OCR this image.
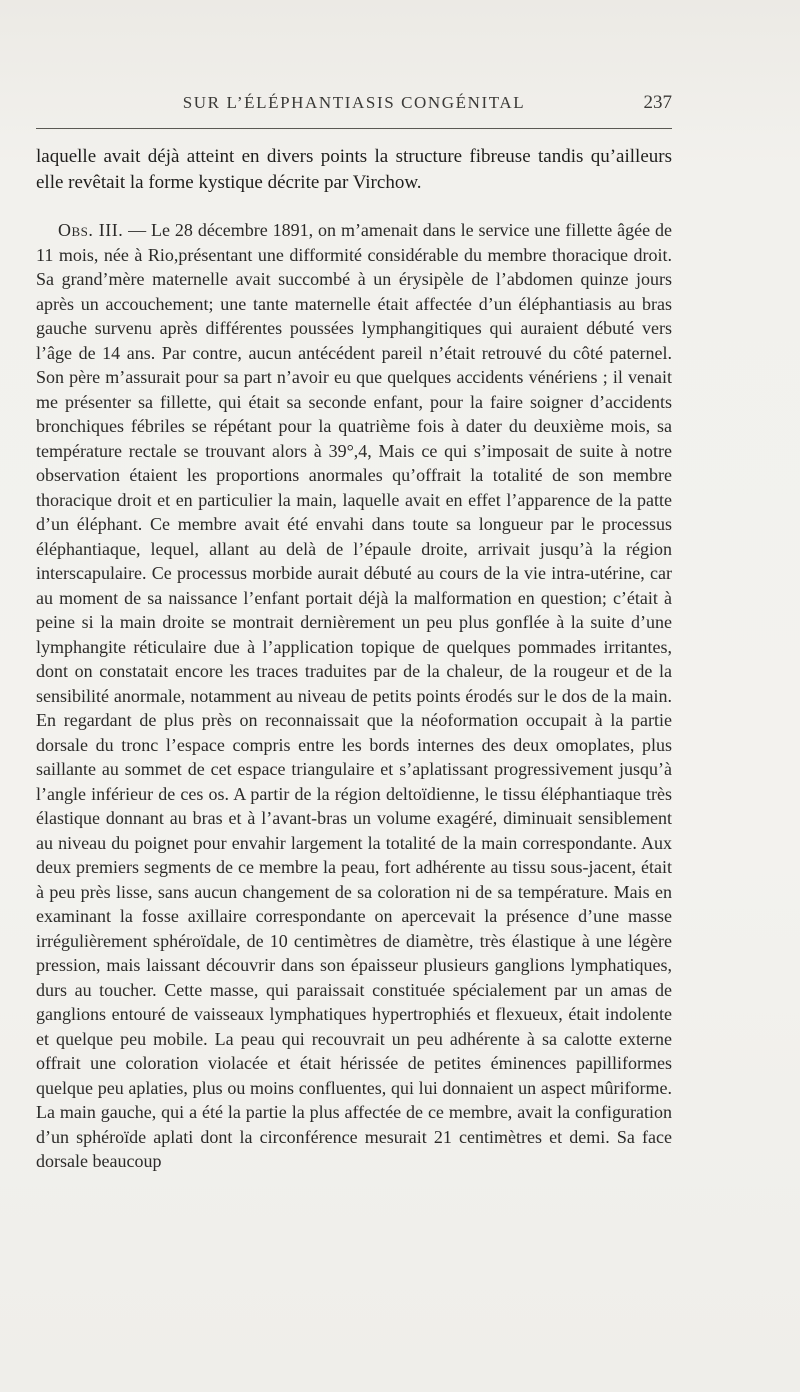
SUR L’ÉLÉPHANTIASIS CONGÉNITAL	237

laquelle avait déjà atteint en divers points la structure fibreuse tandis qu’ailleurs elle revêtait la forme kystique décrite par Virchow.

Obs. III. — Le 28 décembre 1891, on m’amenait dans le service une fillette âgée de 11 mois, née à Rio,présentant une difformité considérable du membre thoracique droit. Sa grand’mère maternelle avait succombé à un érysipèle de l’abdomen quinze jours après un accouchement; une tante maternelle était affectée d’un éléphantiasis au bras gauche survenu après différentes poussées lymphangitiques qui auraient débuté vers l’âge de 14 ans. Par contre, aucun antécédent pareil n’était retrouvé du côté paternel. Son père m’assurait pour sa part n’avoir eu que quelques accidents vénériens ; il venait me présenter sa fillette, qui était sa seconde enfant, pour la faire soigner d’accidents bronchiques fébriles se répétant pour la quatrième fois à dater du deuxième mois, sa température rectale se trouvant alors à 39°,4, Mais ce qui s’imposait de suite à notre observation étaient les proportions anormales qu’offrait la totalité de son membre thoracique droit et en particulier la main, laquelle avait en effet l’apparence de la patte d’un éléphant. Ce membre avait été envahi dans toute sa longueur par le processus éléphantiaque, lequel, allant au delà de l’épaule droite, arrivait jusqu’à la région interscapulaire. Ce processus morbide aurait débuté au cours de la vie intra-utérine, car au moment de sa naissance l’enfant portait déjà la malformation en question; c’était à peine si la main droite se montrait dernièrement un peu plus gonflée à la suite d’une lymphangite réticulaire due à l’application topique de quelques pommades irritantes, dont on constatait encore les traces traduites par de la chaleur, de la rougeur et de la sensibilité anormale, notamment au niveau de petits points érodés sur le dos de la main. En regardant de plus près on reconnaissait que la néoformation occupait à la partie dorsale du tronc l’espace compris entre les bords internes des deux omoplates, plus saillante au sommet de cet espace triangulaire et s’aplatissant progressivement jusqu’à l’angle inférieur de ces os. A partir de la région deltoïdienne, le tissu éléphantiaque très élastique donnant au bras et à l’avant-bras un volume exagéré, diminuait sensiblement au niveau du poignet pour envahir largement la totalité de la main correspondante. Aux deux premiers segments de ce membre la peau, fort adhérente au tissu sous-jacent, était à peu près lisse, sans aucun changement de sa coloration ni de sa température. Mais en examinant la fosse axillaire correspondante on apercevait la présence d’une masse irrégulièrement sphéroïdale, de 10 centimètres de diamètre, très élastique à une légère pression, mais laissant découvrir dans son épaisseur plusieurs ganglions lymphatiques, durs au toucher. Cette masse, qui paraissait constituée spécialement par un amas de ganglions entouré de vaisseaux lymphatiques hypertrophiés et flexueux, était indolente et quelque peu mobile. La peau qui recouvrait un peu adhérente à sa calotte externe offrait une coloration violacée et était hérissée de petites éminences papilliformes quelque peu aplaties, plus ou moins confluentes, qui lui donnaient un aspect mûriforme. La main gauche, qui a été la partie la plus affectée de ce membre, avait la configuration d’un sphéroïde aplati dont la circonférence mesurait 21 centimètres et demi. Sa face dorsale beaucoup
